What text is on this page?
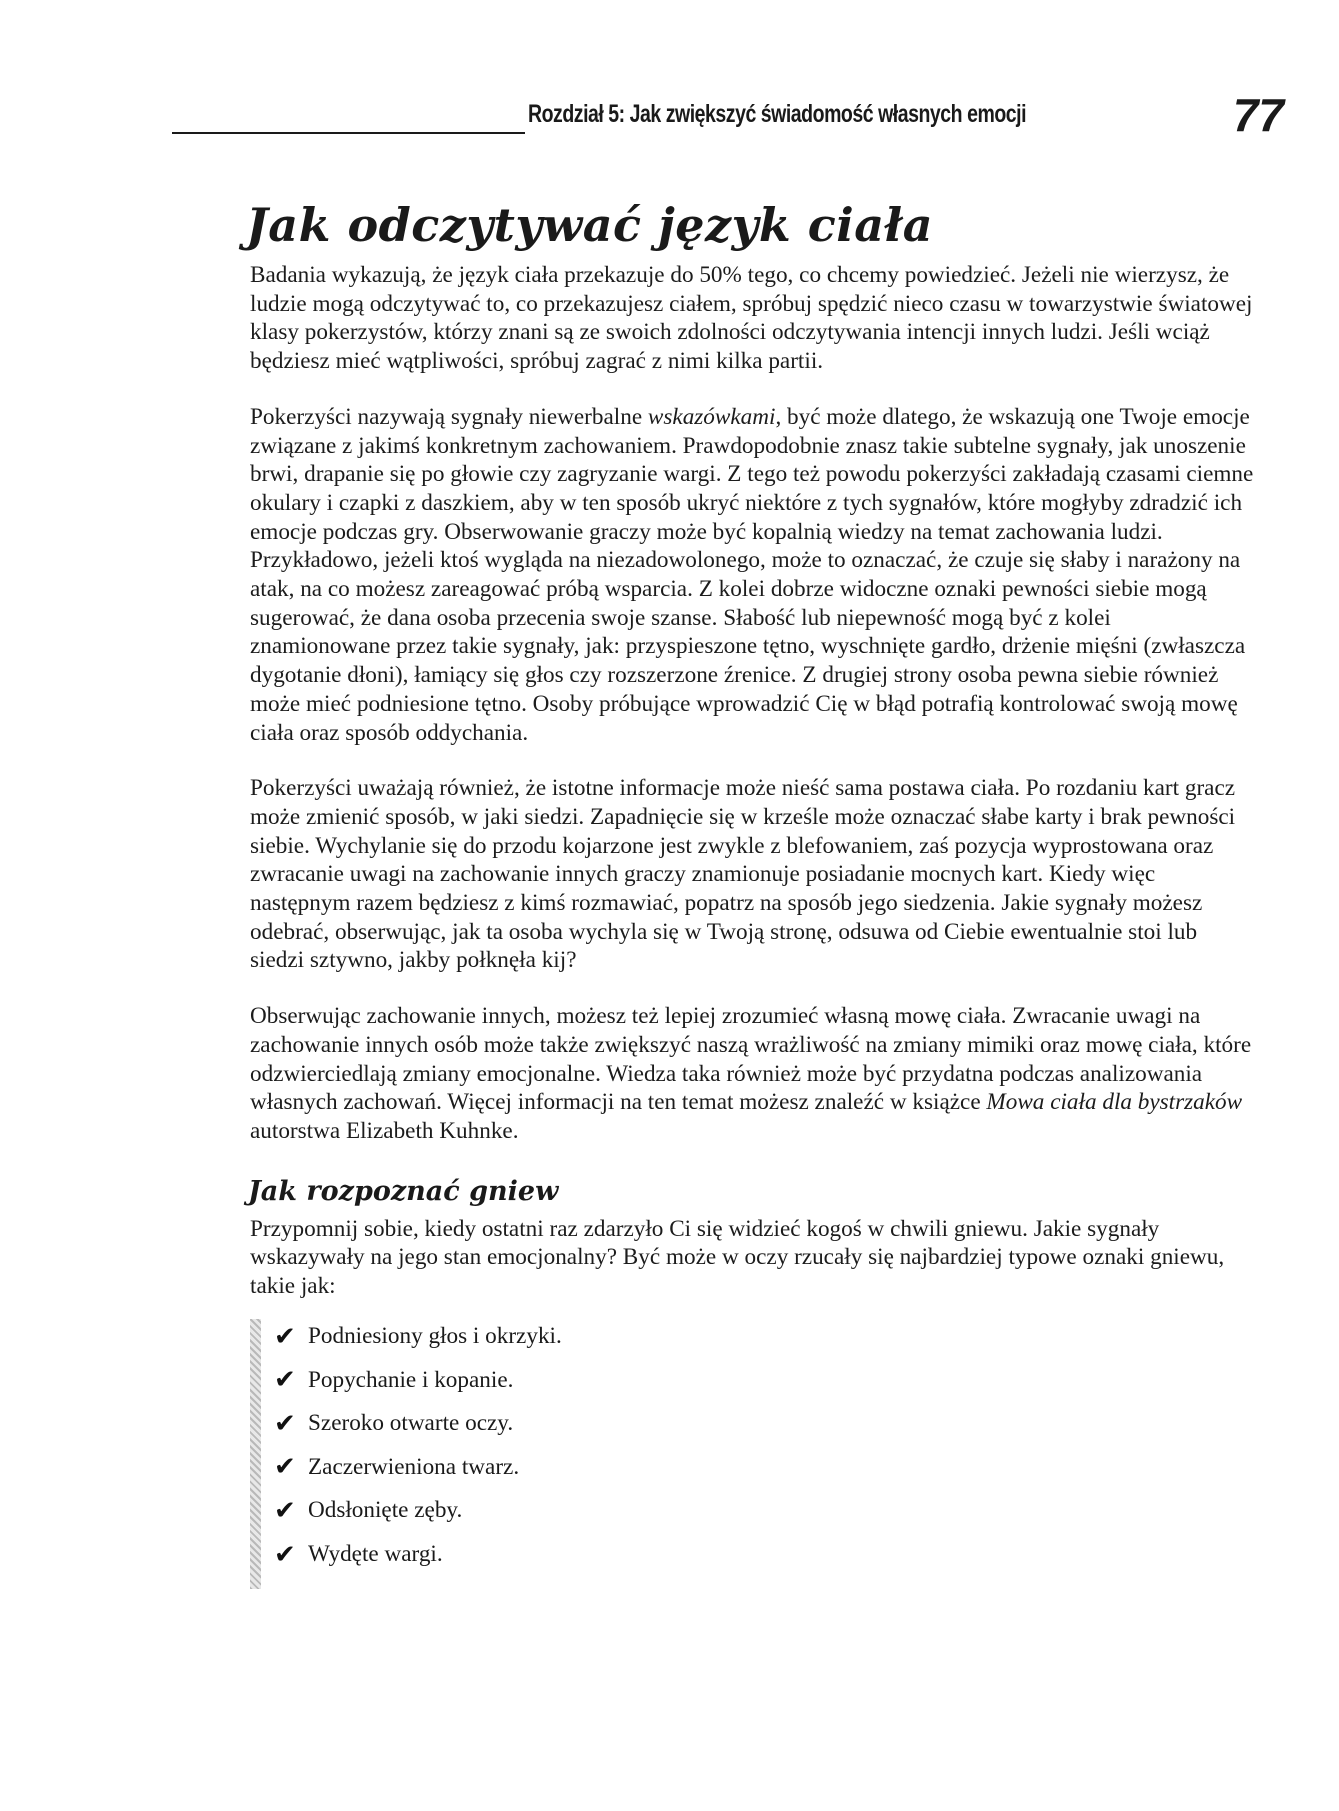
Rozdział 5: Jak zwiększyć świadomość własnych emocji	77
Jak odczytywać język ciała

Badania wykazują, że język ciała przekazuje do 50% tego, co chcemy powiedzieć. Jeżeli nie wierzysz, że ludzie mogą odczytywać to, co przekazujesz ciałem, spróbuj spędzić nieco czasu w towarzystwie światowej klasy pokerzystów, którzy znani są ze swoich zdolności odczytywania intencji innych ludzi. Jeśli wciąż będziesz mieć wątpliwości, spróbuj zagrać z nimi kilka partii.

Pokerzyści nazywają sygnały niewerbalne wskazówkami, być może dlatego, że wskazują one Twoje emocje związane z jakimś konkretnym zachowaniem. Prawdopodobnie znasz takie subtelne sygnały, jak unoszenie brwi, drapanie się po głowie czy zagryzanie wargi. Z tego też powodu pokerzyści zakładają czasami ciemne okulary i czapki z daszkiem, aby w ten sposób ukryć niektóre z tych sygnałów, które mogłyby zdradzić ich emocje podczas gry. Obserwowanie graczy może być kopalnią wiedzy na temat zachowania ludzi. Przykładowo, jeżeli ktoś wygląda na niezadowolonego, może to oznaczać, że czuje się słaby i narażony na atak, na co możesz zareagować próbą wsparcia. Z kolei dobrze widoczne oznaki pewności siebie mogą sugerować, że dana osoba przecenia swoje szanse. Słabość lub niepewność mogą być z kolei znamionowane przez takie sygnały, jak: przyspieszone tętno, wyschnięte gardło, drżenie mięśni (zwłaszcza dygotanie dłoni), łamiący się głos czy rozszerzone źrenice. Z drugiej strony osoba pewna siebie również może mieć podniesione tętno. Osoby próbujące wprowadzić Cię w błąd potrafią kontrolować swoją mowę ciała oraz sposób oddychania.

Pokerzyści uważają również, że istotne informacje może nieść sama postawa ciała. Po rozdaniu kart gracz może zmienić sposób, w jaki siedzi. Zapadnięcie się w krześle może oznaczać słabe karty i brak pewności siebie. Wychylanie się do przodu kojarzone jest zwykle z blefowaniem, zaś pozycja wyprostowana oraz zwracanie uwagi na zachowanie innych graczy znamionuje posiadanie mocnych kart. Kiedy więc następnym razem będziesz z kimś rozmawiać, popatrz na sposób jego siedzenia. Jakie sygnały możesz odebrać, obserwując, jak ta osoba wychyla się w Twoją stronę, odsuwa od Ciebie ewentualnie stoi lub siedzi sztywno, jakby połknęła kij?

Obserwując zachowanie innych, możesz też lepiej zrozumieć własną mowę ciała. Zwracanie uwagi na zachowanie innych osób może także zwiększyć naszą wrażliwość na zmiany mimiki oraz mowę ciała, które odzwierciedlają zmiany emocjonalne. Wiedza taka również może być przydatna podczas analizowania własnych zachowań. Więcej informacji na ten temat możesz znaleźć w książce Mowa ciała dla bystrzaków autorstwa Elizabeth Kuhnke.

Jak rozpoznać gniew

Przypomnij sobie, kiedy ostatni raz zdarzyło Ci się widzieć kogoś w chwili gniewu. Jakie sygnały wskazywały na jego stan emocjonalny? Być może w oczy rzucały się najbardziej typowe oznaki gniewu, takie jak:

✔ Podniesiony głos i okrzyki.
✔ Popychanie i kopanie.
✔ Szeroko otwarte oczy.
✔ Zaczerwieniona twarz.
✔ Odsłonięte zęby.
✔ Wydęte wargi.
